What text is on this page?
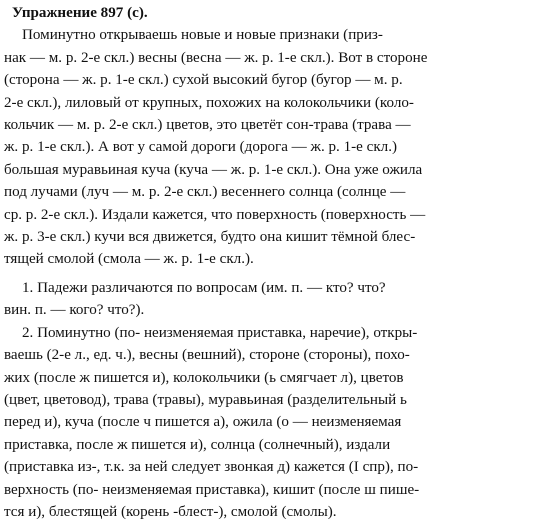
Упражнение 897 (с).
Поминутно открываешь новые и новые признаки (приз-
нак — м. р. 2-е скл.) весны (весна — ж. р. 1-е скл.). Вот в стороне
(сторона — ж. р. 1-е скл.) сухой высокий бугор (бугор — м. р.
2-е скл.), лиловый от крупных, похожих на колокольчики (коло-
кольчик — м. р. 2-е скл.) цветов, это цветёт сон-трава (трава —
ж. р. 1-е скл.). А вот у самой дороги (дорога — ж. р. 1-е скл.)
большая муравьиная куча (куча — ж. р. 1-е скл.). Она уже ожила
под лучами (луч — м. р. 2-е скл.) весеннего солнца (солнце —
ср. р. 2-е скл.). Издали кажется, что поверхность (поверхность —
ж. р. 3-е скл.) кучи вся движется, будто она кишит тёмной блес-
тящей смолой (смола — ж. р. 1-е скл.).
1. Падежи различаются по вопросам (им. п. — кто? что?
вин. п. — кого? что?).
2. Поминутно (по- неизменяемая приставка, наречие), откры-
ваешь (2-е л., ед. ч.), весны (вешний), стороне (стороны), похо-
жих (после ж пишется и), колокольчики (ь смягчает л), цветов
(цвет, цветовод), трава (травы), муравьиная (разделительный ь
перед и), куча (после ч пишется а), ожила (о — неизменяемая
приставка, после ж пишется и), солнца (солнечный), издали
(приставка из-, т.к. за ней следует звонкая д) кажется (I спр), по-
верхность (по- неизменяемая приставка), кишит (после ш пише-
тся и), блестящей (корень -блест-), смолой (смолы).
